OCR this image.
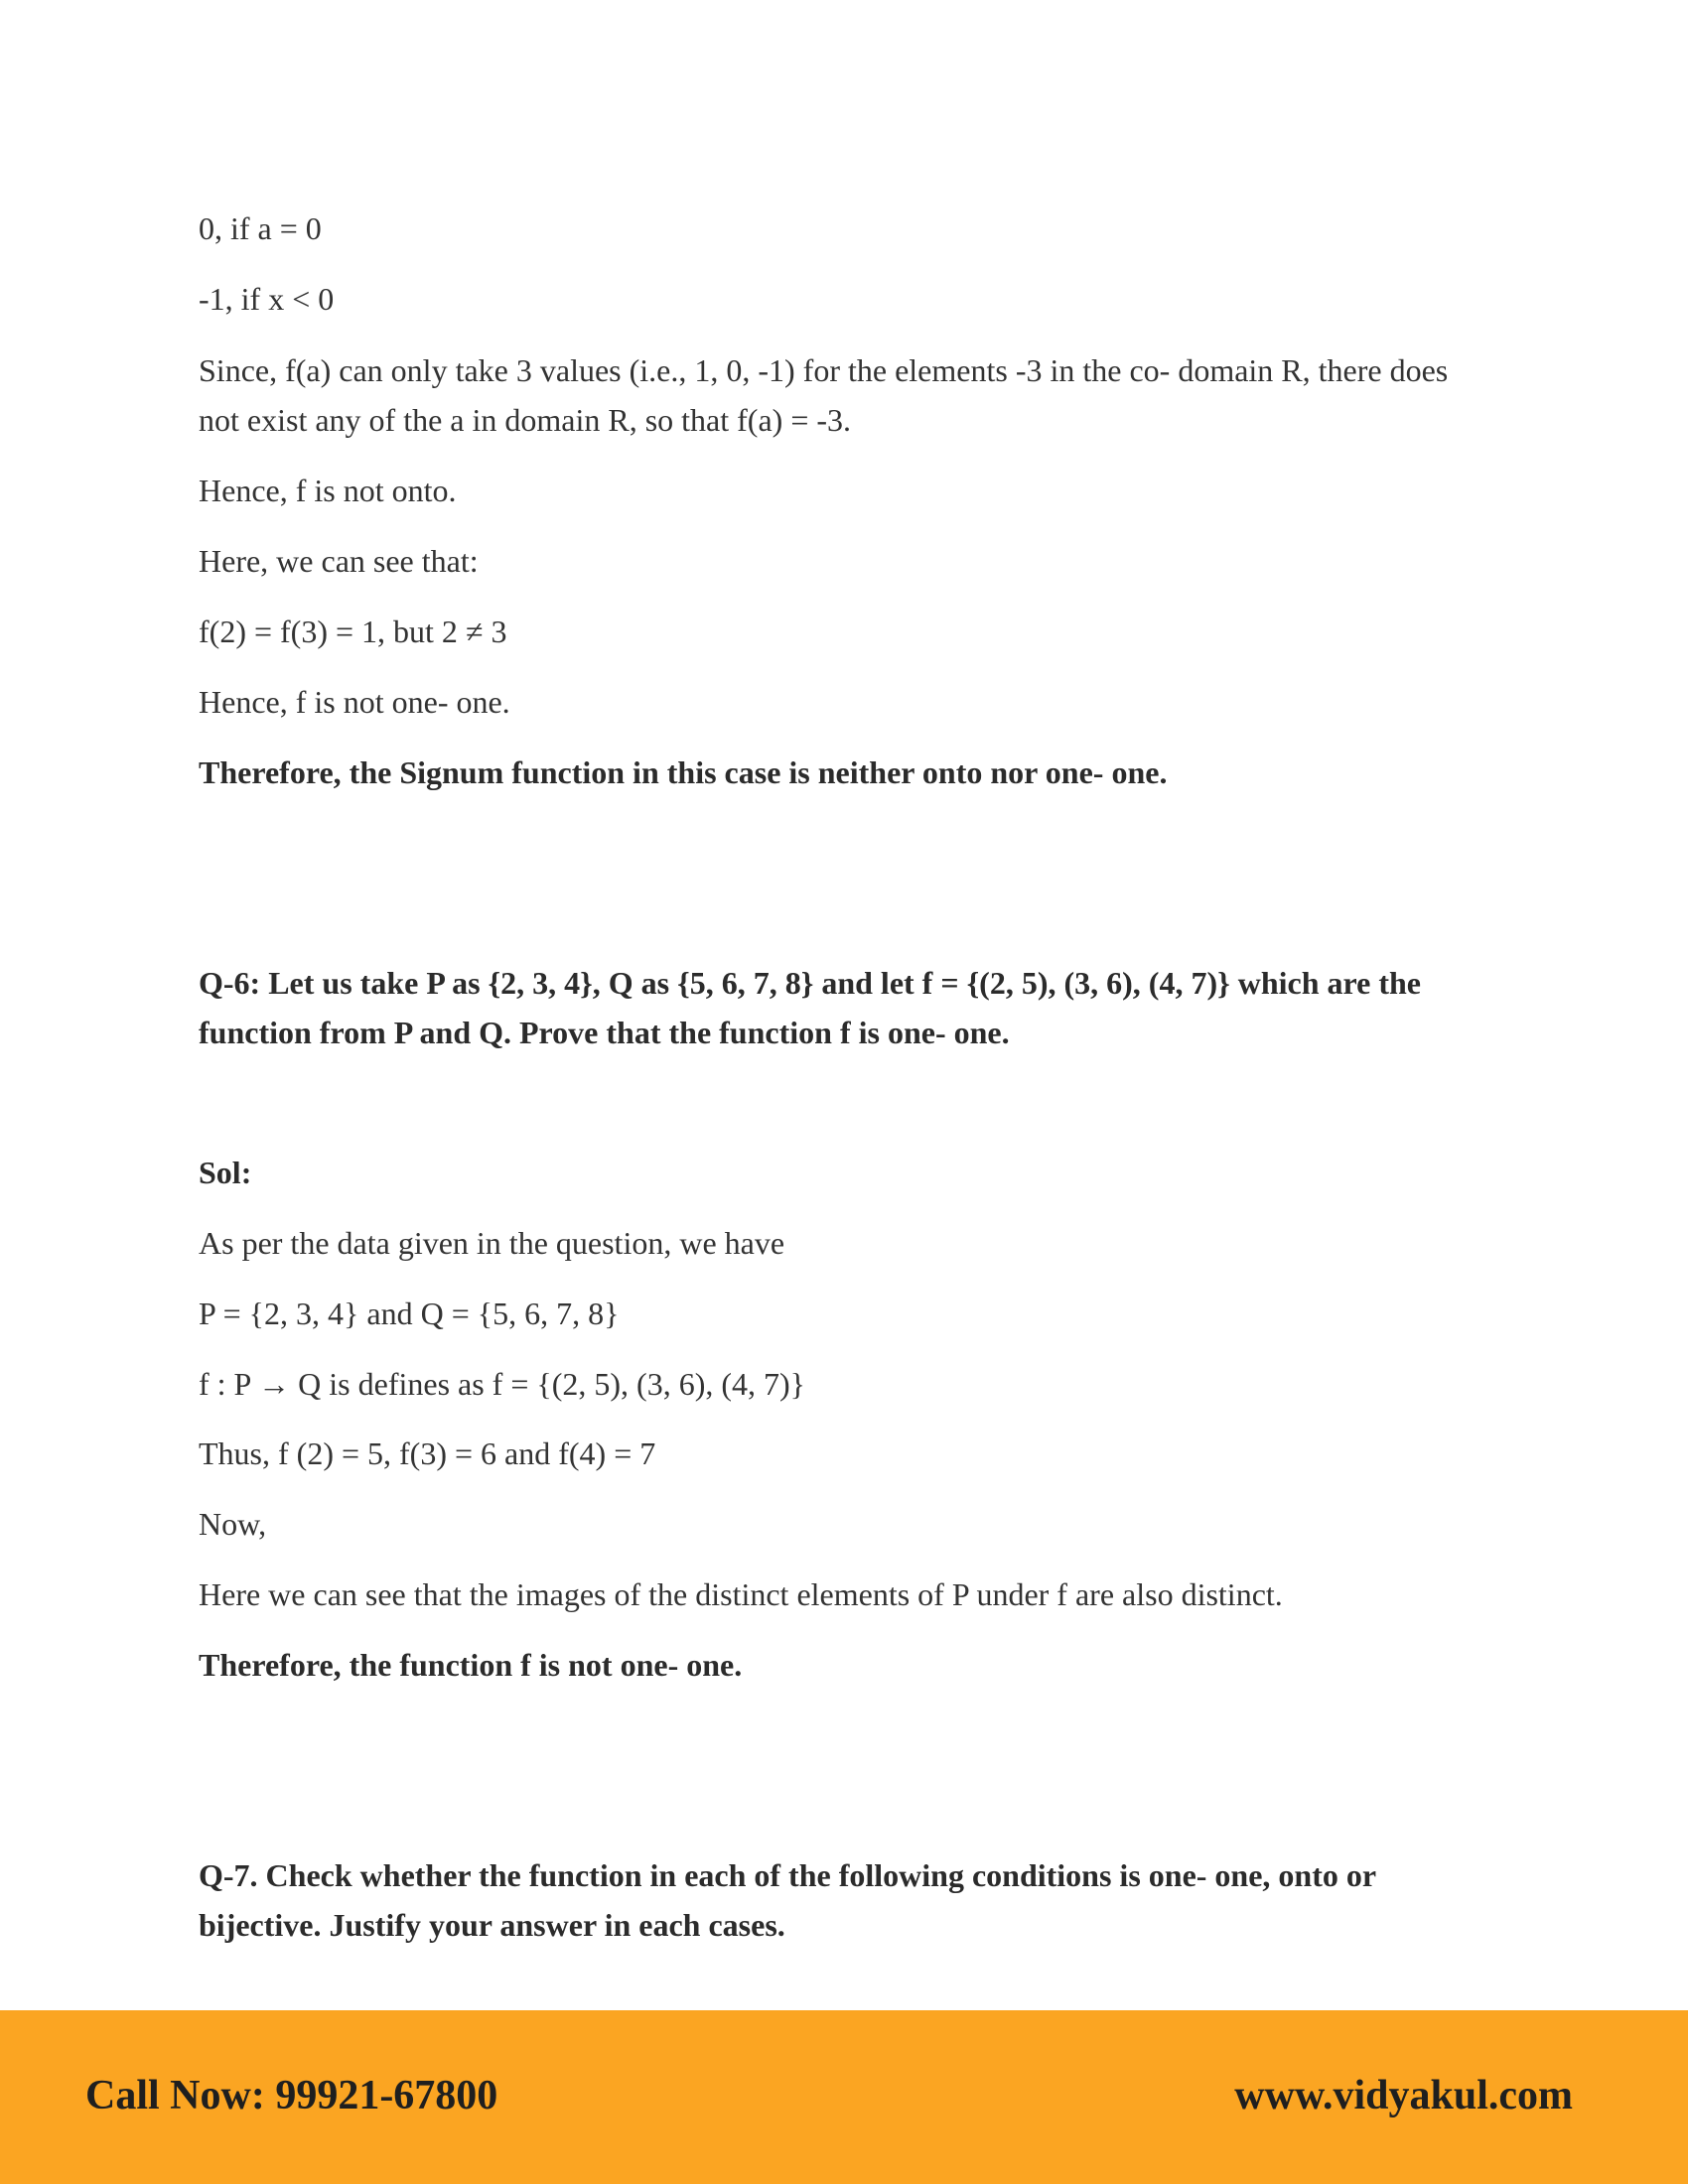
0, if a = 0
-1, if x < 0
Since, f(a) can only take 3 values (i.e., 1, 0, -1) for the elements -3 in the co- domain R, there does not exist any of the a in domain R, so that f(a) = -3.
Hence, f is not onto.
Here, we can see that:
f(2) = f(3) = 1, but 2 ≠ 3
Hence, f is not one- one.
Therefore, the Signum function in this case is neither onto nor one- one.
Q-6: Let us take P as {2, 3, 4}, Q as {5, 6, 7, 8} and let f = {(2, 5), (3, 6), (4, 7)} which are the function from P and Q. Prove that the function f is one- one.
Sol:
As per the data given in the question, we have
P = {2, 3, 4} and Q = {5, 6, 7, 8}
f : P → Q is defines as f = {(2, 5), (3, 6), (4, 7)}
Thus, f (2) = 5, f(3) = 6 and f(4) = 7
Now,
Here we can see that the images of the distinct elements of P under f are also distinct.
Therefore, the function f is not one- one.
Q-7. Check whether the function in each of the following conditions is one- one, onto or bijective. Justify your answer in each cases.
Call Now: 99921-67800	www.vidyakul.com
